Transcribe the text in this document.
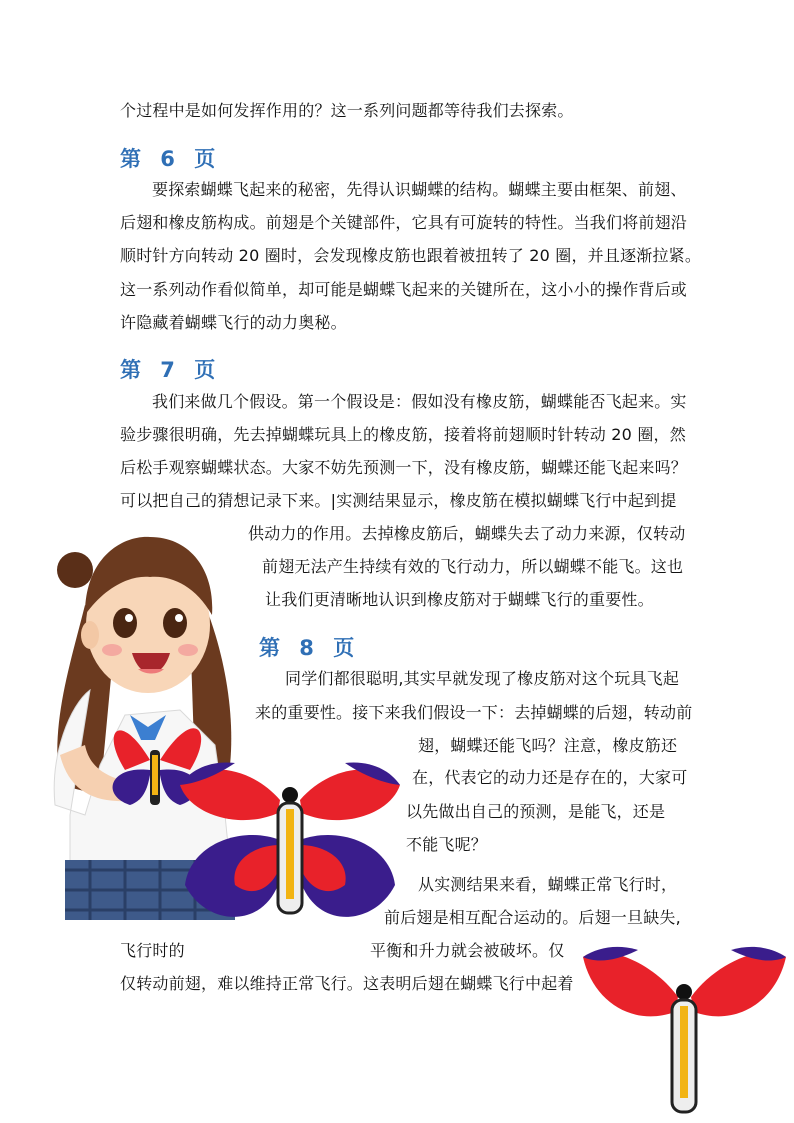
个过程中是如何发挥作用的？这一系列问题都等待我们去探索。
第 6 页
要探索蝴蝶飞起来的秘密，先得认识蝴蝶的结构。蝴蝶主要由框架、前翅、
后翅和橡皮筋构成。前翅是个关键部件，它具有可旋转的特性。当我们将前翅沿
顺时针方向转动 20 圈时，会发现橡皮筋也跟着被扭转了 20 圈，并且逐渐拉紧。
这一系列动作看似简单，却可能是蝴蝶飞起来的关键所在，这小小的操作背后或
许隐藏着蝴蝶飞行的动力奥秘。
第 7 页
我们来做几个假设。第一个假设是：假如没有橡皮筋，蝴蝶能否飞起来。实
验步骤很明确，先去掉蝴蝶玩具上的橡皮筋，接着将前翅顺时针转动 20 圈，然
后松手观察蝴蝶状态。大家不妨先预测一下，没有橡皮筋，蝴蝶还能飞起来吗？
可以把自己的猜想记录下来。|实测结果显示，橡皮筋在模拟蝴蝶飞行中起到提
供动力的作用。去掉橡皮筋后，蝴蝶失去了动力来源，仅转动
前翅无法产生持续有效的飞行动力，所以蝴蝶不能飞。这也
让我们更清晰地认识到橡皮筋对于蝴蝶飞行的重要性。
第 8 页
同学们都很聪明,其实早就发现了橡皮筋对这个玩具飞起
来的重要性。接下来我们假设一下：去掉蝴蝶的后翅，转动前
翅，蝴蝶还能飞吗？注意，橡皮筋还
在，代表它的动力还是存在的，大家可
以先做出自己的预测，是能飞，还是
不能飞呢？
从实测结果来看，蝴蝶正常飞行时，
前后翅是相互配合运动的。后翅一旦缺失,
飞行时的	平衡和升力就会被破坏。仅
仅转动前翅，难以维持正常飞行。这表明后翅在蝴蝶飞行中起着
